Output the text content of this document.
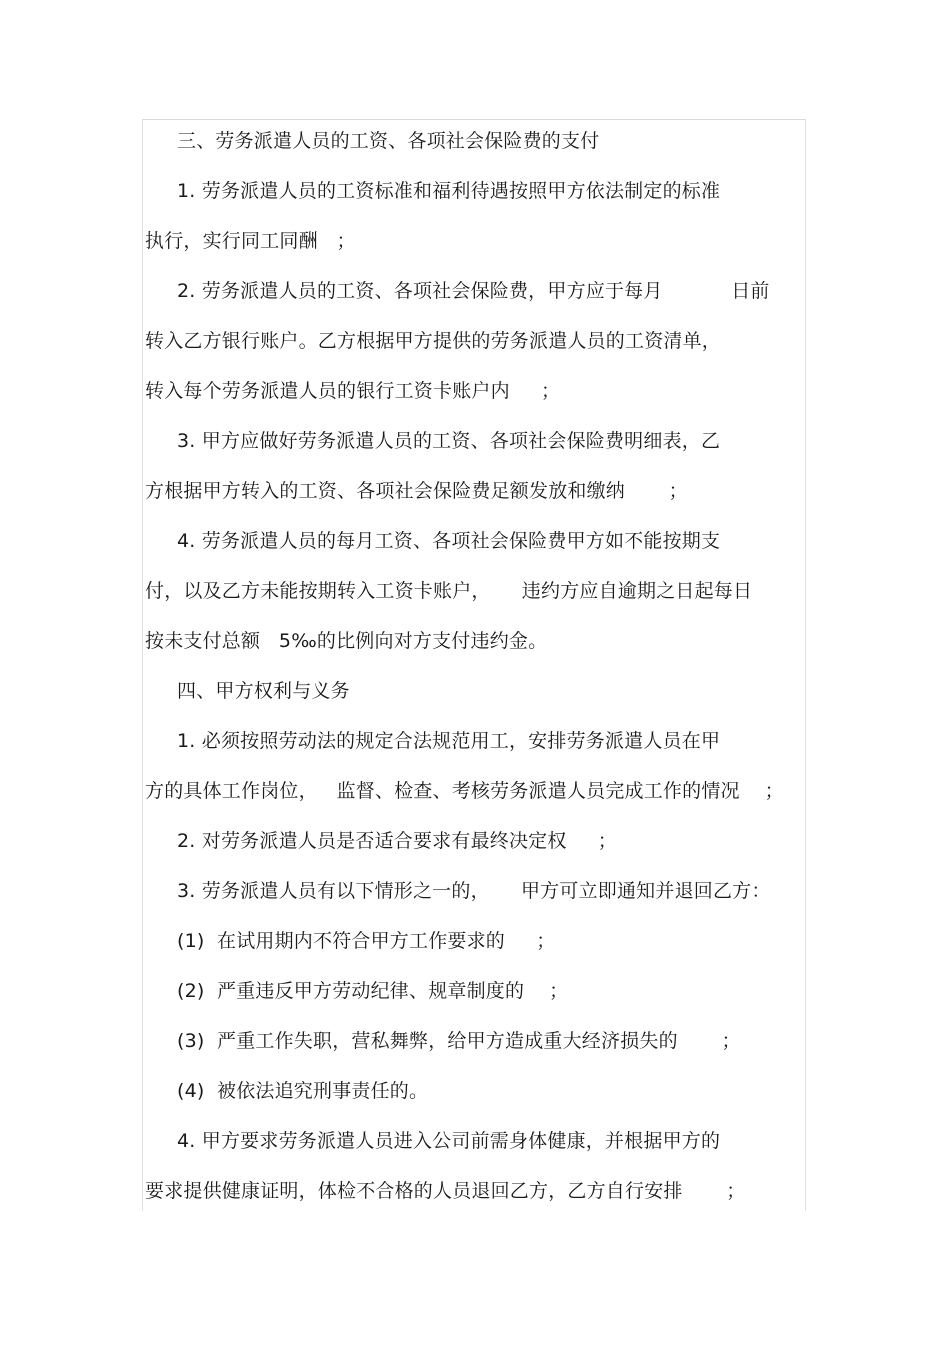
三、劳务派遣人员的工资、各项社会保险费的支付
1. 劳务派遣人员的工资标准和福利待遇按照甲方依法制定的标准
执行，实行同工同酬   ；
2. 劳务派遣人员的工资、各项社会保险费，甲方应于每月           日前
转入乙方银行账户。乙方根据甲方提供的劳务派遣人员的工资清单，
转入每个劳务派遣人员的银行工资卡账户内     ；
3. 甲方应做好劳务派遣人员的工资、各项社会保险费明细表，乙
方根据甲方转入的工资、各项社会保险费足额发放和缴纳       ；
4. 劳务派遣人员的每月工资、各项社会保险费甲方如不能按期支
付，以及乙方未能按期转入工资卡账户，     违约方应自逾期之日起每日
按未支付总额   5‰的比例向对方支付违约金。
四、甲方权利与义务
1. 必须按照劳动法的规定合法规范用工，安排劳务派遣人员在甲
方的具体工作岗位，   监督、检查、考核劳务派遣人员完成工作的情况    ；
2. 对劳务派遣人员是否适合要求有最终决定权     ；
3. 劳务派遣人员有以下情形之一的，     甲方可立即通知并退回乙方：
(1)  在试用期内不符合甲方工作要求的     ；
(2)  严重违反甲方劳动纪律、规章制度的    ；
(3)  严重工作失职，营私舞弊，给甲方造成重大经济损失的       ；
(4)  被依法追究刑事责任的。
4. 甲方要求劳务派遣人员进入公司前需身体健康，并根据甲方的
要求提供健康证明，体检不合格的人员退回乙方，乙方自行安排       ；
